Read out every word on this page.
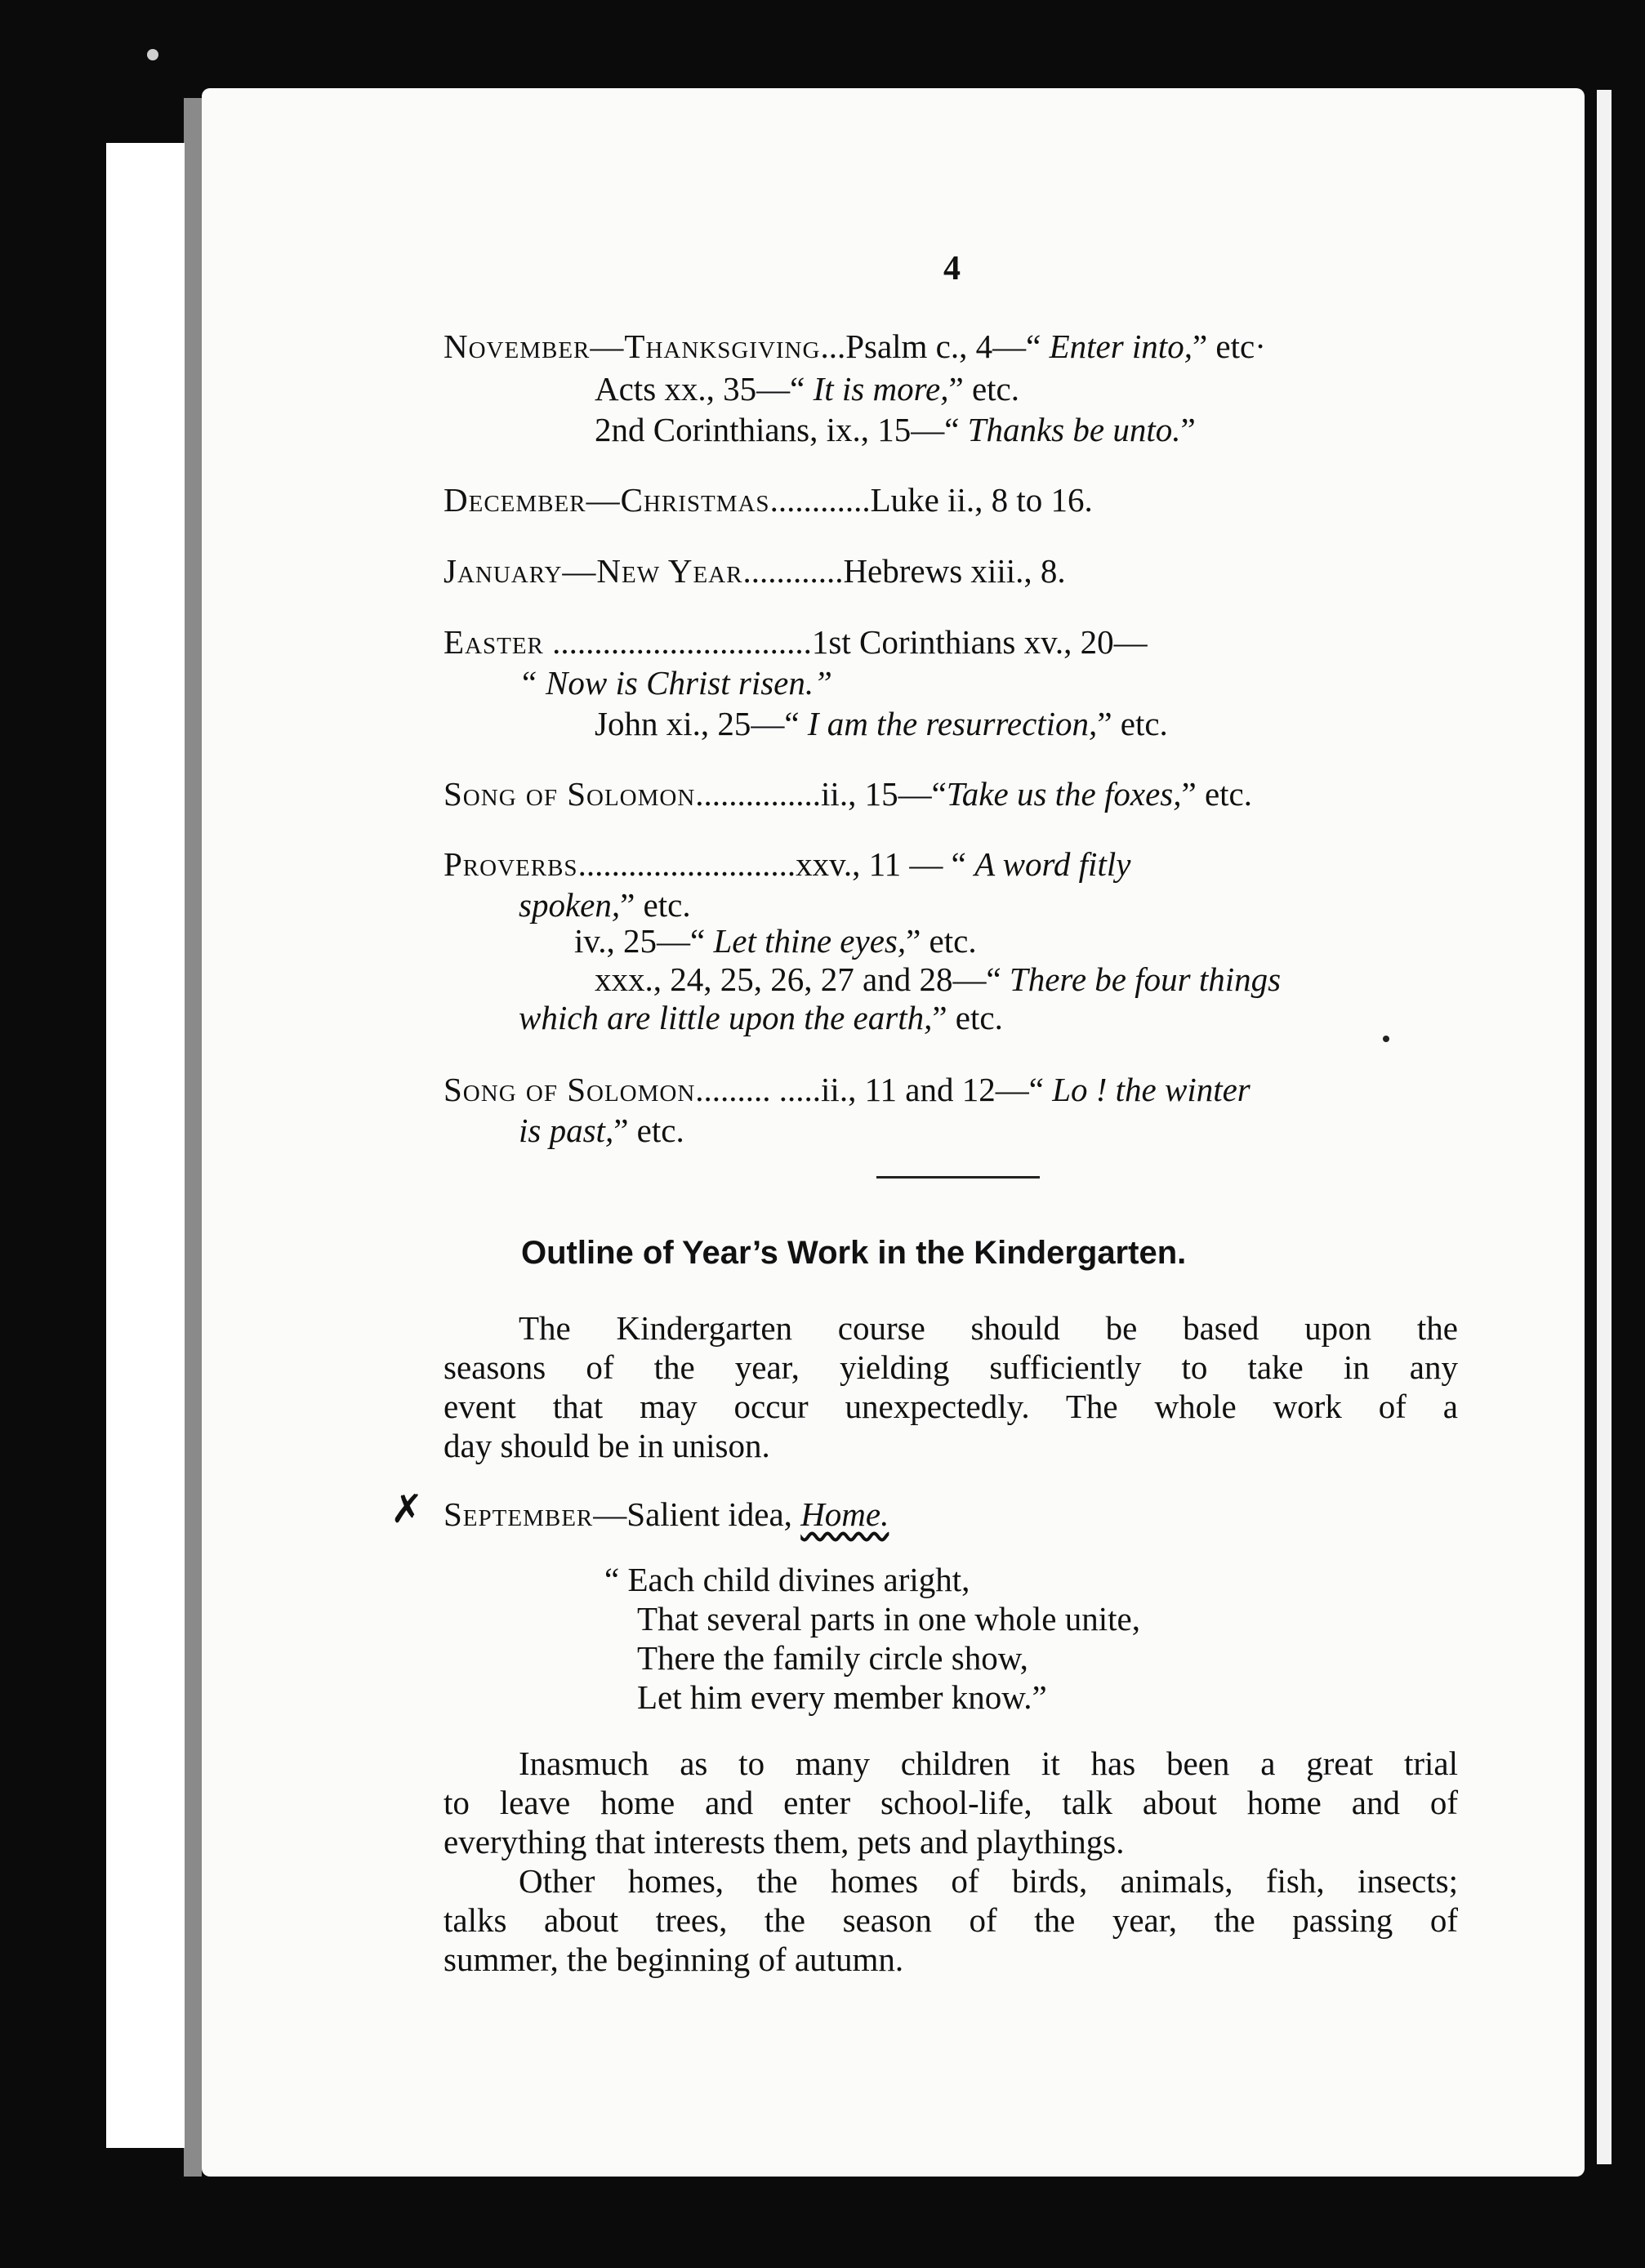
4
November—Thanksgiving...Psalm c., 4—“ Enter into,” etc·
Acts xx., 35—“ It is more,” etc.
2nd Corinthians, ix., 15—“ Thanks be unto.”
December—Christmas............Luke ii., 8 to 16.
January—New Year............Hebrews xiii., 8.
Easter ...............................1st Corinthians xv., 20—
“ Now is Christ risen.”
John xi., 25—“ I am the resurrection,” etc.
Song of Solomon...............ii., 15—“Take us the foxes,” etc.
Proverbs..........................xxv., 11 — “ A word fitly
spoken,” etc.
iv., 25—“ Let thine eyes,” etc.
xxx., 24, 25, 26, 27 and 28—“ There be four things
which are little upon the earth,” etc.
Song of Solomon......... .....ii., 11 and 12—“ Lo ! the winter
is past,” etc.
Outline of Year’s Work in the Kindergarten.
The Kindergarten course should be based upon the
seasons of the year, yielding sufficiently to take in any
event that may occur unexpectedly. The whole work of a
day should be in unison.
✗ September—Salient idea, Home.
“ Each child divines aright,
That several parts in one whole unite,
There the family circle show,
Let him every member know.”
Inasmuch as to many children it has been a great trial
to leave home and enter school-life, talk about home and of
everything that interests them, pets and playthings.
Other homes, the homes of birds, animals, fish, insects;
talks about trees, the season of the year, the passing of
summer, the beginning of autumn.
